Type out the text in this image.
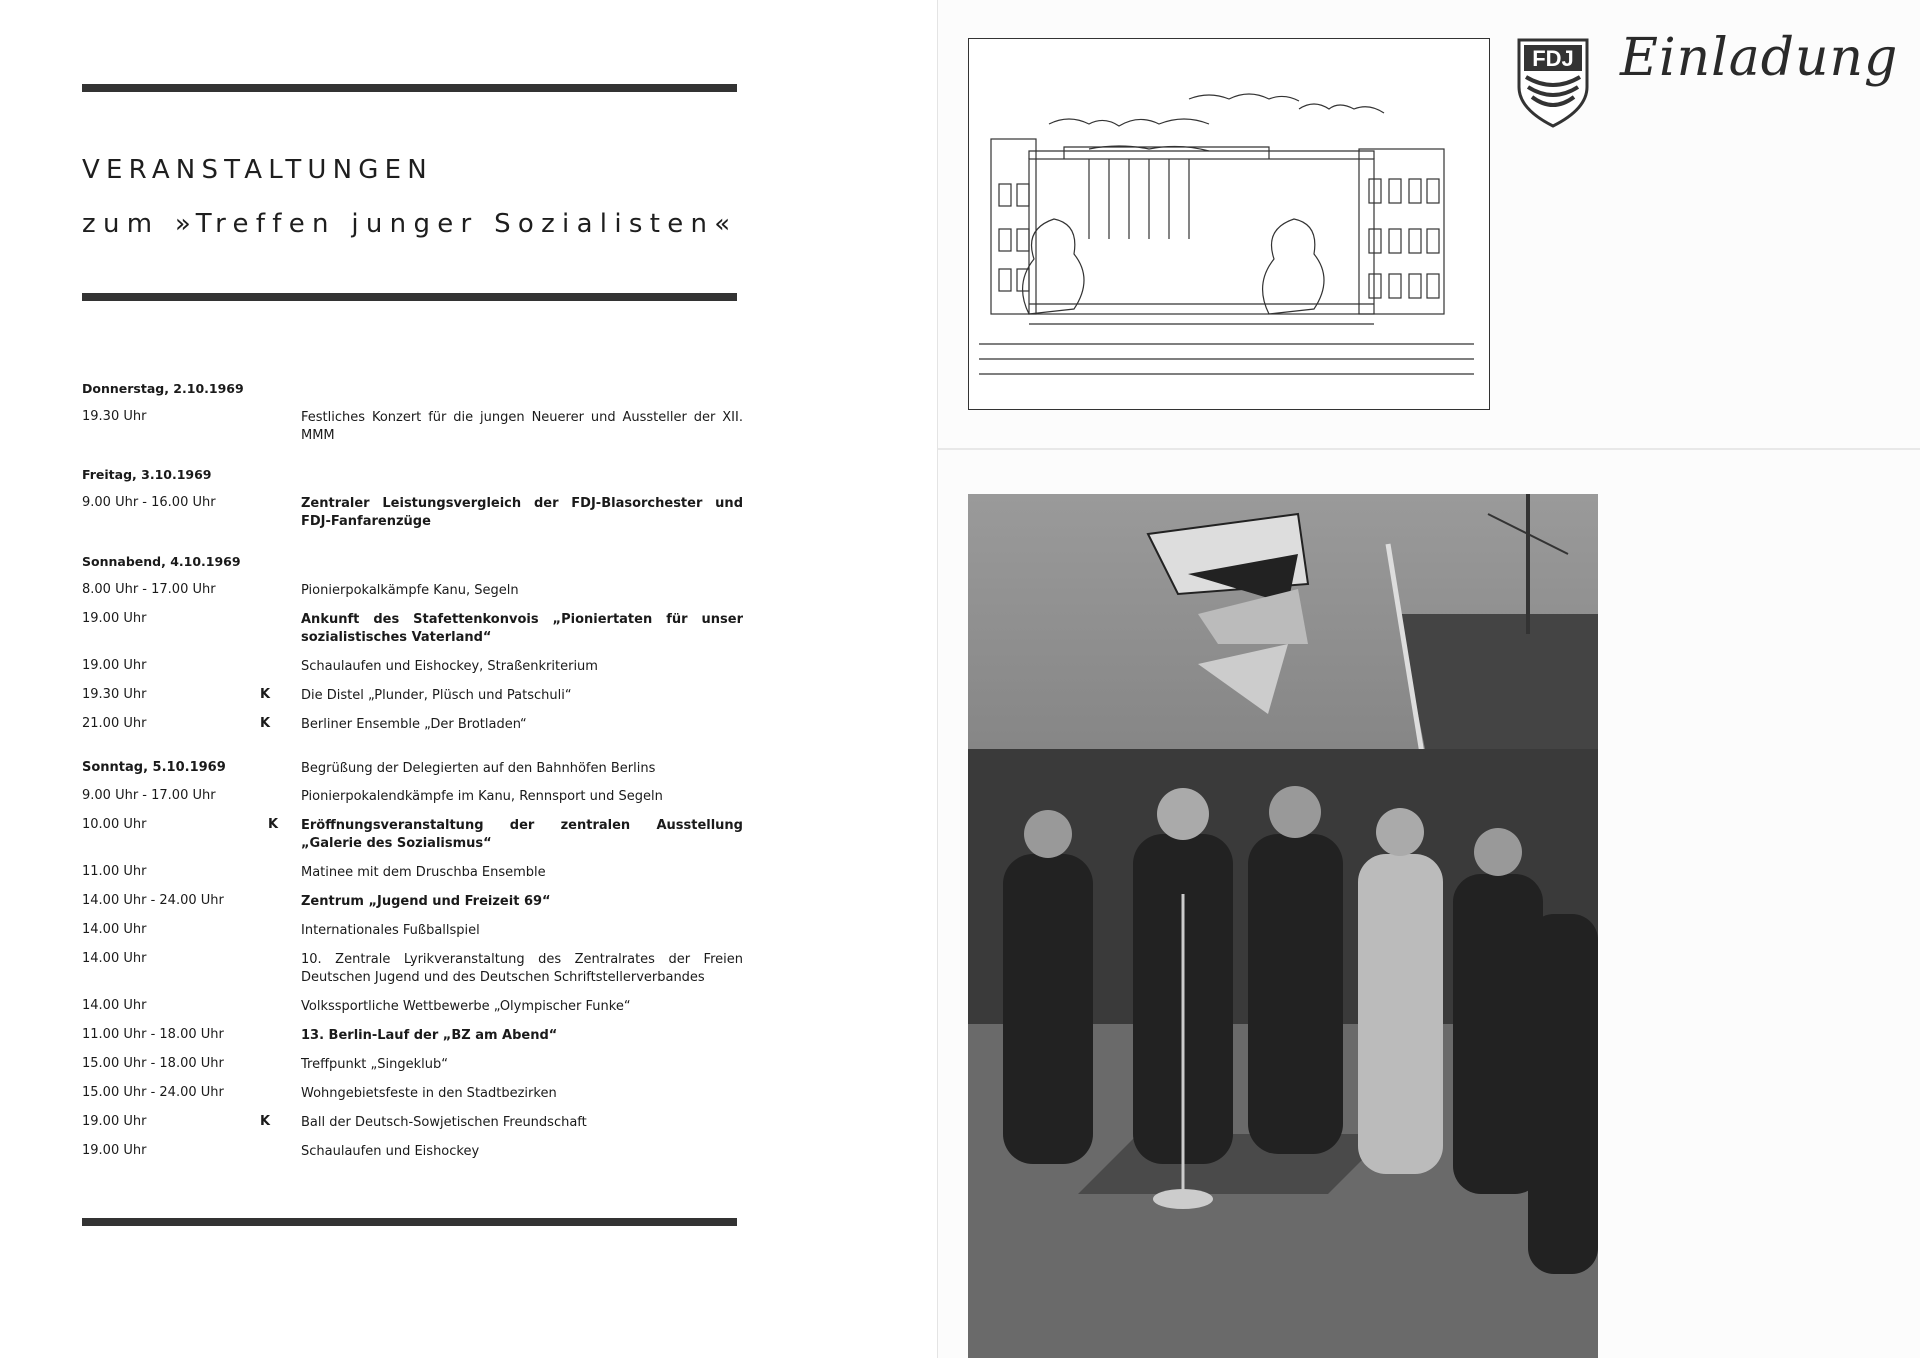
VERANSTALTUNGEN
zum »Treffen junger Sozialisten«
Donnerstag, 2.10.1969
19.30 Uhr	Festliches Konzert für die jungen Neuerer und Aussteller der XII. MMM
Freitag, 3.10.1969
9.00 Uhr - 16.00 Uhr	Zentraler Leistungsvergleich der FDJ-Blasorchester und FDJ-Fanfarenzüge
Sonnabend, 4.10.1969
8.00 Uhr - 17.00 Uhr	Pionierpokalkämpfe Kanu, Segeln
19.00 Uhr	Ankunft des Stafettenkonvois „Pioniertaten für unser sozialistisches Vaterland“
19.00 Uhr	Schaulaufen und Eishockey, Straßenkriterium
19.30 Uhr	K Die Distel „Plunder, Plüsch und Patschuli“
21.00 Uhr	K Berliner Ensemble „Der Brotladen“
Sonntag, 5.10.1969	Begrüßung der Delegierten auf den Bahnhöfen Berlins
9.00 Uhr - 17.00 Uhr	Pionierpokalendkämpfe im Kanu, Rennsport und Segeln
10.00 Uhr	K Eröffnungsveranstaltung der zentralen Ausstellung „Galerie des Sozialismus“
11.00 Uhr	Matinee mit dem Druschba Ensemble
14.00 Uhr - 24.00 Uhr	Zentrum „Jugend und Freizeit 69“
14.00 Uhr	Internationales Fußballspiel
14.00 Uhr	10. Zentrale Lyrikveranstaltung des Zentralrates der Freien Deutschen Jugend und des Deutschen Schriftstellerverbandes
14.00 Uhr	Volkssportliche Wettbewerbe „Olympischer Funke“
11.00 Uhr - 18.00 Uhr	13. Berlin-Lauf der „BZ am Abend“
15.00 Uhr - 18.00 Uhr	Treffpunkt „Singeklub“
15.00 Uhr - 24.00 Uhr	Wohngebietsfeste in den Stadtbezirken
19.00 Uhr	K Ball der Deutsch-Sowjetischen Freundschaft
19.00 Uhr	Schaulaufen und Eishockey
FDJ Einladung
